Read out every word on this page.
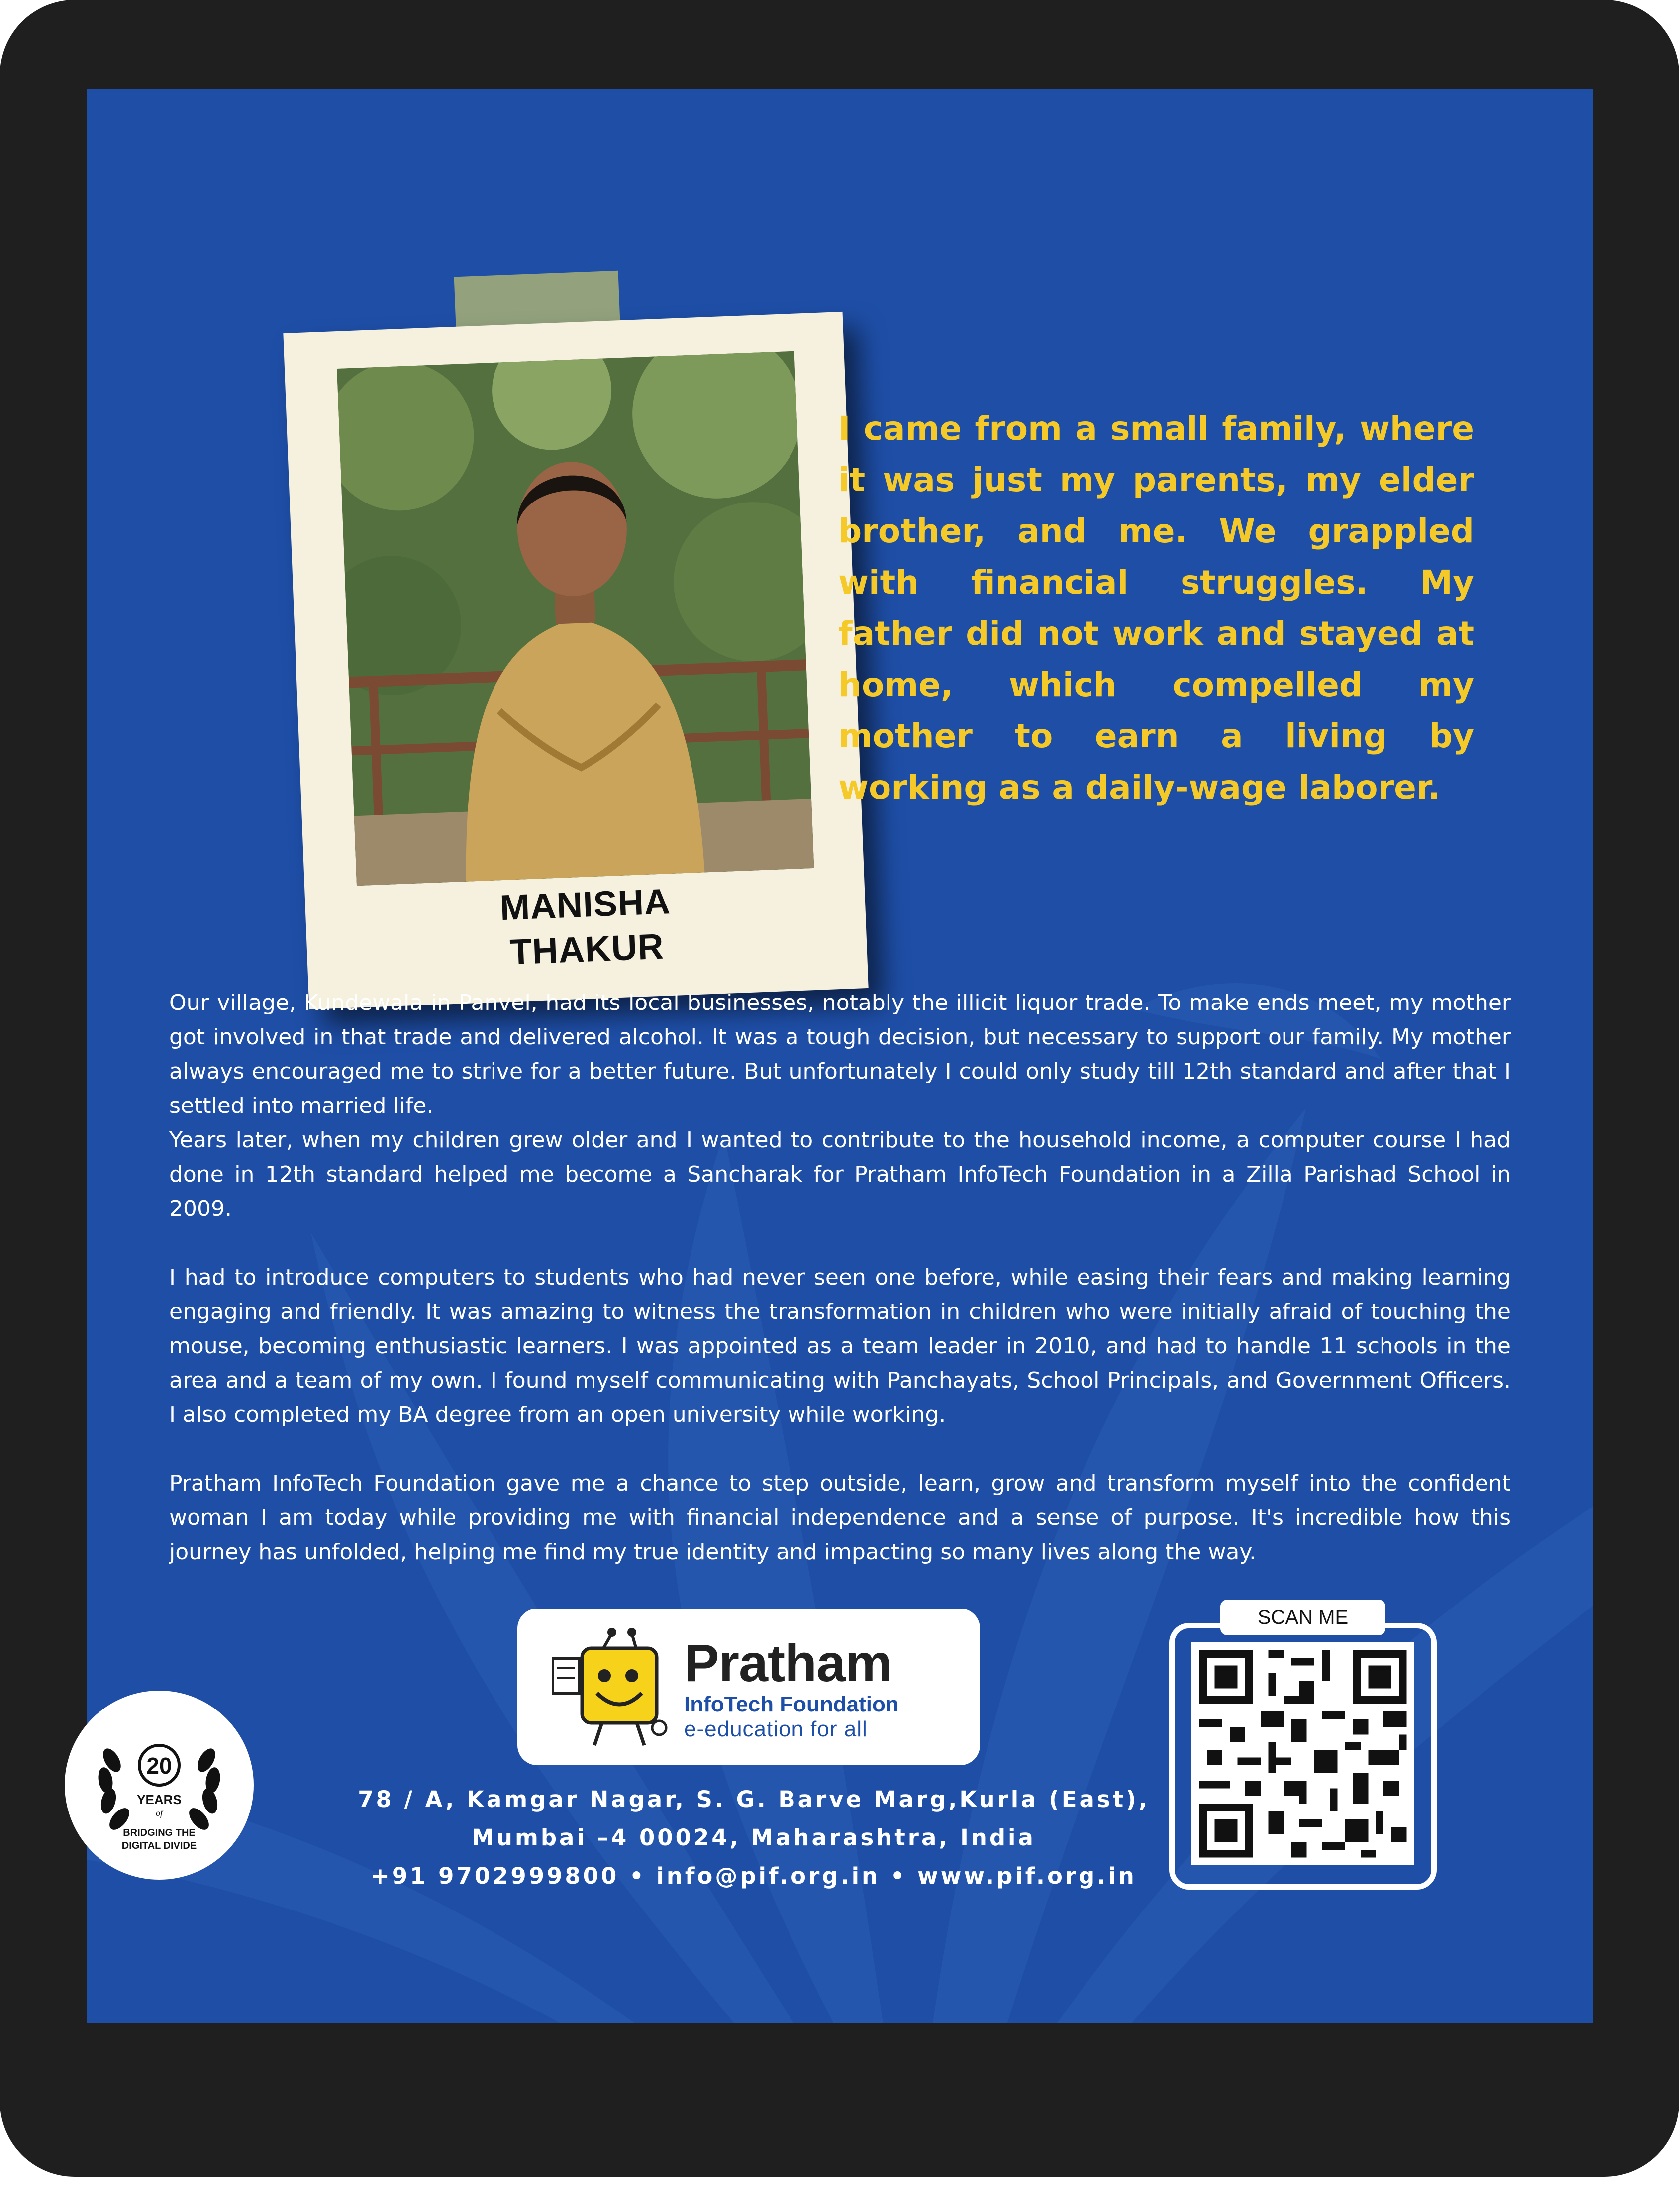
MANISHA
THAKUR
I came from a small family, where it was just my parents, my elder brother, and me. We grappled with financial struggles. My father did not work and stayed at home, which compelled my mother to earn a living by working as a daily-wage laborer.

Our village, Kundewala in Panvel, had its local businesses, notably the illicit liquor trade. To make ends meet, my mother got involved in that trade and delivered alcohol. It was a tough decision, but necessary to support our family. My mother always encouraged me to strive for a better future. But unfortunately I could only study till 12th standard and after that I settled into married life.

Years later, when my children grew older and I wanted to contribute to the household income, a computer course I had done in 12th standard helped me become a Sancharak for Pratham InfoTech Foundation in a Zilla Parishad School in 2009.

I had to introduce computers to students who had never seen one before, while easing their fears and making learning engaging and friendly. It was amazing to witness the transformation in children who were initially afraid of touching the mouse, becoming enthusiastic learners. I was appointed as a team leader in 2010, and had to handle 11 schools in the area and a team of my own. I found myself communicating with Panchayats, School Principals, and Government Officers. I also completed my BA degree from an open university while working.

Pratham InfoTech Foundation gave me a chance to step outside, learn, grow and transform myself into the confident woman I am today while providing me with financial independence and a sense of purpose. It's incredible how this journey has unfolded, helping me find my true identity and impacting so many lives along the way.

Pratham
InfoTech Foundation
e-education for all
20
YEARS
of
BRIDGING THE
DIGITAL DIVIDE
78 / A, Kamgar Nagar, S. G. Barve Marg,Kurla (East),
Mumbai –4 00024, Maharashtra, India
+91 9702999800 • info@pif.org.in • www.pif.org.in
SCAN ME
